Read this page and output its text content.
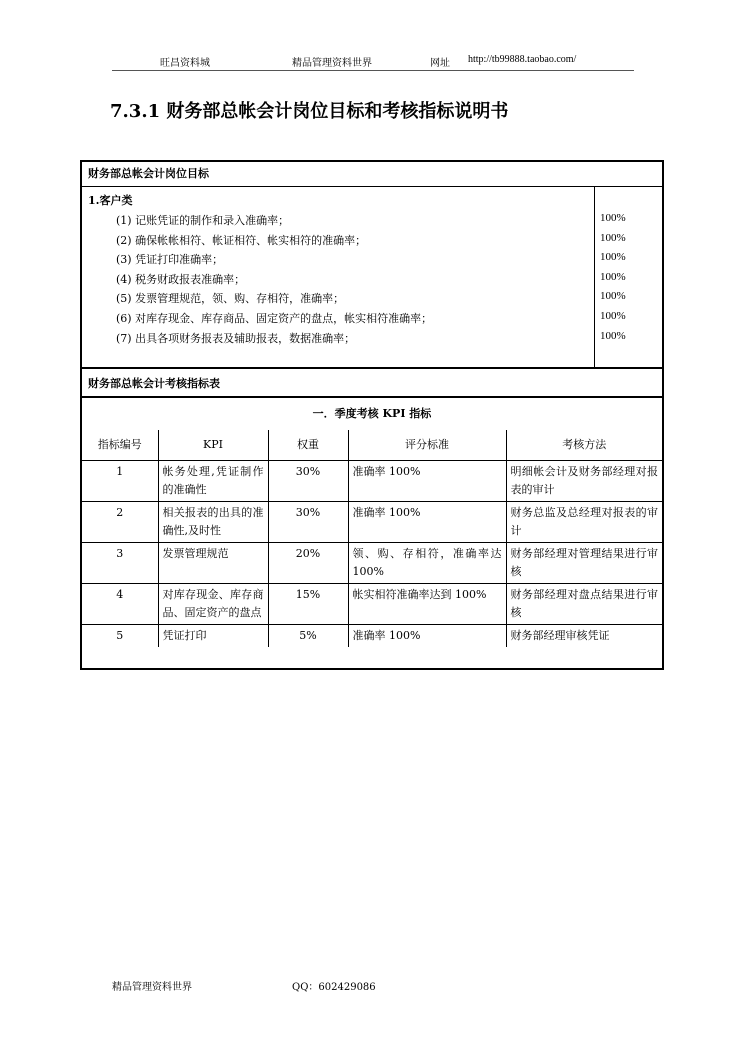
旺昌资料城	精品管理资料世界	网址 http://tb99888.taobao.com/
7.3.1 财务部总帐会计岗位目标和考核指标说明书
财务部总帐会计岗位目标
1.客户类
(1) 记账凭证的制作和录入准确率；	100%
(2) 确保帐帐相符、帐证相符、帐实相符的准确率；	100%
(3) 凭证打印准确率；	100%
(4) 税务财政报表准确率；	100%
(5) 发票管理规范，领、购、存相符，准确率；	100%
(6) 对库存现金、库存商品、固定资产的盘点，帐实相符准确率；	100%
(7) 出具各项财务报表及辅助报表，数据准确率；	100%
财务部总帐会计考核指标表
一．季度考核 KPI 指标
指标编号	KPI	权重	评分标准	考核方法
1	帐务处理,凭证制作的准确性	30%	准确率 100%	明细帐会计及财务部经理对报表的审计
2	相关报表的出具的准确性,及时性	30%	准确率 100%	财务总监及总经理对报表的审计
3	发票管理规范	20%	领、购、存相符，准确率达 100%	财务部经理对管理结果进行审核
4	对库存现金、库存商品、固定资产的盘点	15%	帐实相符准确率达到 100%	财务部经理对盘点结果进行审核
5	凭证打印	5%	准确率 100%	财务部经理审核凭证
精品管理资料世界	QQ：602429086
